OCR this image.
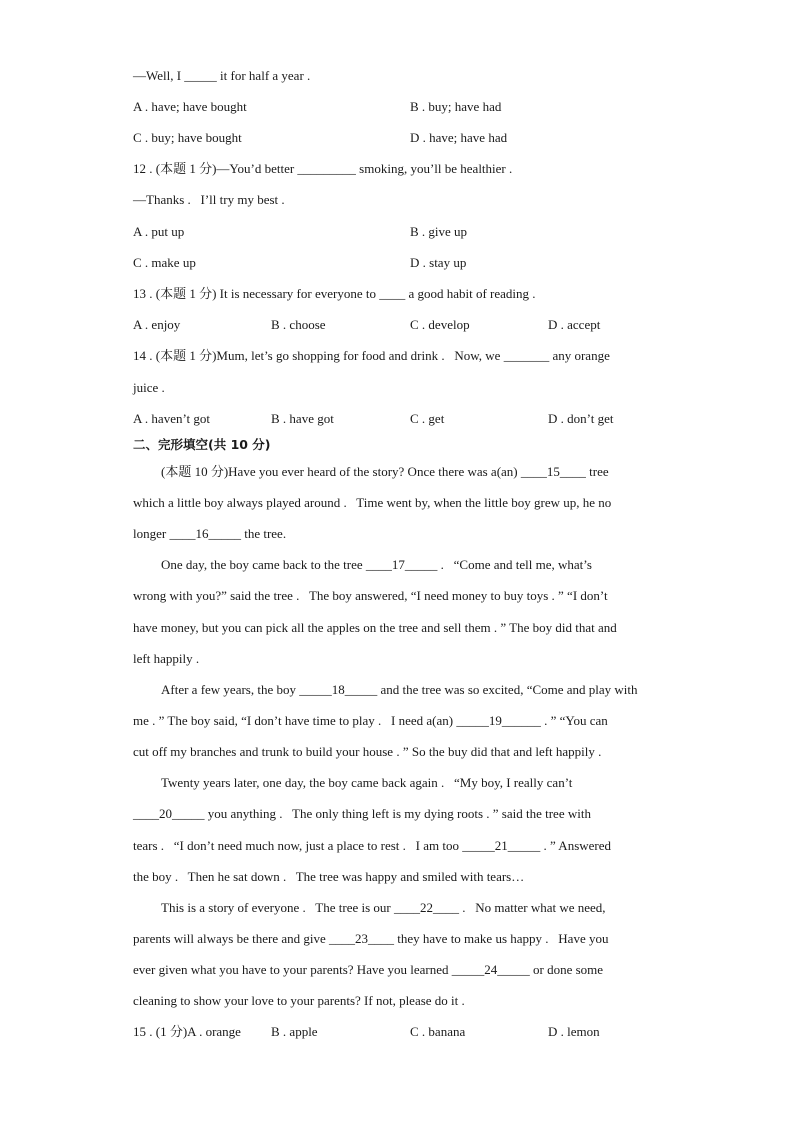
—Well, I _____ it for half a year .
A . have; have bought	B . buy; have had
C . buy; have bought	D . have; have had
12 . (本题 1 分)—You’d better _________ smoking, you’ll be healthier .
—Thanks .   I’ll try my best .
A . put up	B . give up
C . make up	D . stay up
13 . (本题 1 分) It is necessary for everyone to ____ a good habit of reading .
A . enjoy	B . choose	C . develop	D . accept
14 . (本题 1 分)Mum, let’s go shopping for food and drink .   Now, we _______ any orange
juice .
A . haven’t got	B . have got	C . get	D . don’t get
二、完形填空(共 10 分)
(本题 10 分)Have you ever heard of the story? Once there was a(an) ____15____ tree
which a little boy always played around .   Time went by, when the little boy grew up, he no
longer ____16_____ the tree.
One day, the boy came back to the tree ____17_____ .   “Come and tell me, what’s
wrong with you?” said the tree .   The boy answered, “I need money to buy toys . ” “I don’t
have money, but you can pick all the apples on the tree and sell them . ” The boy did that and
left happily .
After a few years, the boy _____18_____ and the tree was so excited, “Come and play with
me . ” The boy said, “I don’t have time to play .   I need a(an) _____19______ . ” “You can
cut off my branches and trunk to build your house . ” So the buy did that and left happily .
Twenty years later, one day, the boy came back again .   “My boy, I really can’t
____20_____ you anything .   The only thing left is my dying roots . ” said the tree with
tears .   “I don’t need much now, just a place to rest .   I am too _____21_____ . ” Answered
the boy .   Then he sat down .   The tree was happy and smiled with tears…
This is a story of everyone .   The tree is our ____22____ .   No matter what we need,
parents will always be there and give ____23____ they have to make us happy .   Have you
ever given what you have to your parents? Have you learned _____24_____ or done some
cleaning to show your love to your parents? If not, please do it .
15 . (1 分)A . orange B . apple	C . banana	D . lemon
